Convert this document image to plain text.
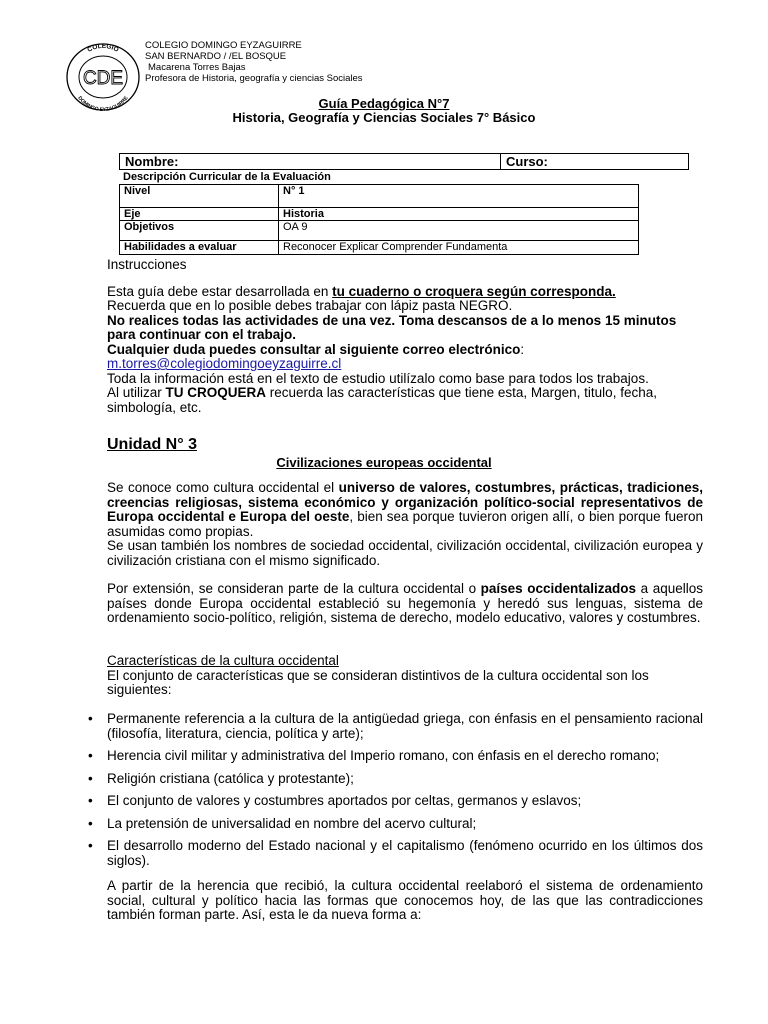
COLEGIO
DOMINGO EYZAGUIRRE
CDE
COLEGIO DOMINGO EYZAGUIRRE
SAN BERNARDO / /EL BOSQUE
Macarena Torres Bajas
Profesora de Historia, geografía y ciencias Sociales
Guía Pedagógica N°7
Historia, Geografía y Ciencias Sociales 7° Básico
Nombre:	Curso:
Descripción Curricular de la Evaluación
Nivel	N° 1
Eje	Historia
Objetivos	OA 9
Habilidades a evaluar	Reconocer Explicar Comprender Fundamenta
Instrucciones
Esta guía debe estar desarrollada en tu cuaderno o croquera según corresponda.
Recuerda que en lo posible debes trabajar con lápiz pasta NEGRO.
No realices todas las actividades de una vez. Toma descansos de a lo menos 15 minutos para continuar con el trabajo.
Cualquier duda puedes consultar al siguiente correo electrónico:
m.torres@colegiodomingoeyzaguirre.cl
Toda la información está en el texto de estudio utilízalo como base para todos los trabajos.
Al utilizar TU CROQUERA recuerda las características que tiene esta, Margen, titulo, fecha, simbología, etc.
Unidad N° 3
Civilizaciones europeas occidental
Se conoce como cultura occidental el universo de valores, costumbres, prácticas, tradiciones, creencias religiosas, sistema económico y organización político-social representativos de Europa occidental e Europa del oeste, bien sea porque tuvieron origen allí, o bien porque fueron asumidas como propias.
Se usan también los nombres de sociedad occidental, civilización occidental, civilización europea y civilización cristiana con el mismo significado.
Por extensión, se consideran parte de la cultura occidental o países occidentalizados a aquellos países donde Europa occidental estableció su hegemonía y heredó sus lenguas, sistema de ordenamiento socio-político, religión, sistema de derecho, modelo educativo, valores y costumbres.
Características de la cultura occidental
El conjunto de características que se consideran distintivos de la cultura occidental son los siguientes:
• Permanente referencia a la cultura de la antigüedad griega, con énfasis en el pensamiento racional (filosofía, literatura, ciencia, política y arte);
• Herencia civil militar y administrativa del Imperio romano, con énfasis en el derecho romano;
• Religión cristiana (católica y protestante);
• El conjunto de valores y costumbres aportados por celtas, germanos y eslavos;
• La pretensión de universalidad en nombre del acervo cultural;
• El desarrollo moderno del Estado nacional y el capitalismo (fenómeno ocurrido en los últimos dos siglos).
A partir de la herencia que recibió, la cultura occidental reelaboró el sistema de ordenamiento social, cultural y político hacia las formas que conocemos hoy, de las que las contradicciones también forman parte. Así, esta le da nueva forma a:
